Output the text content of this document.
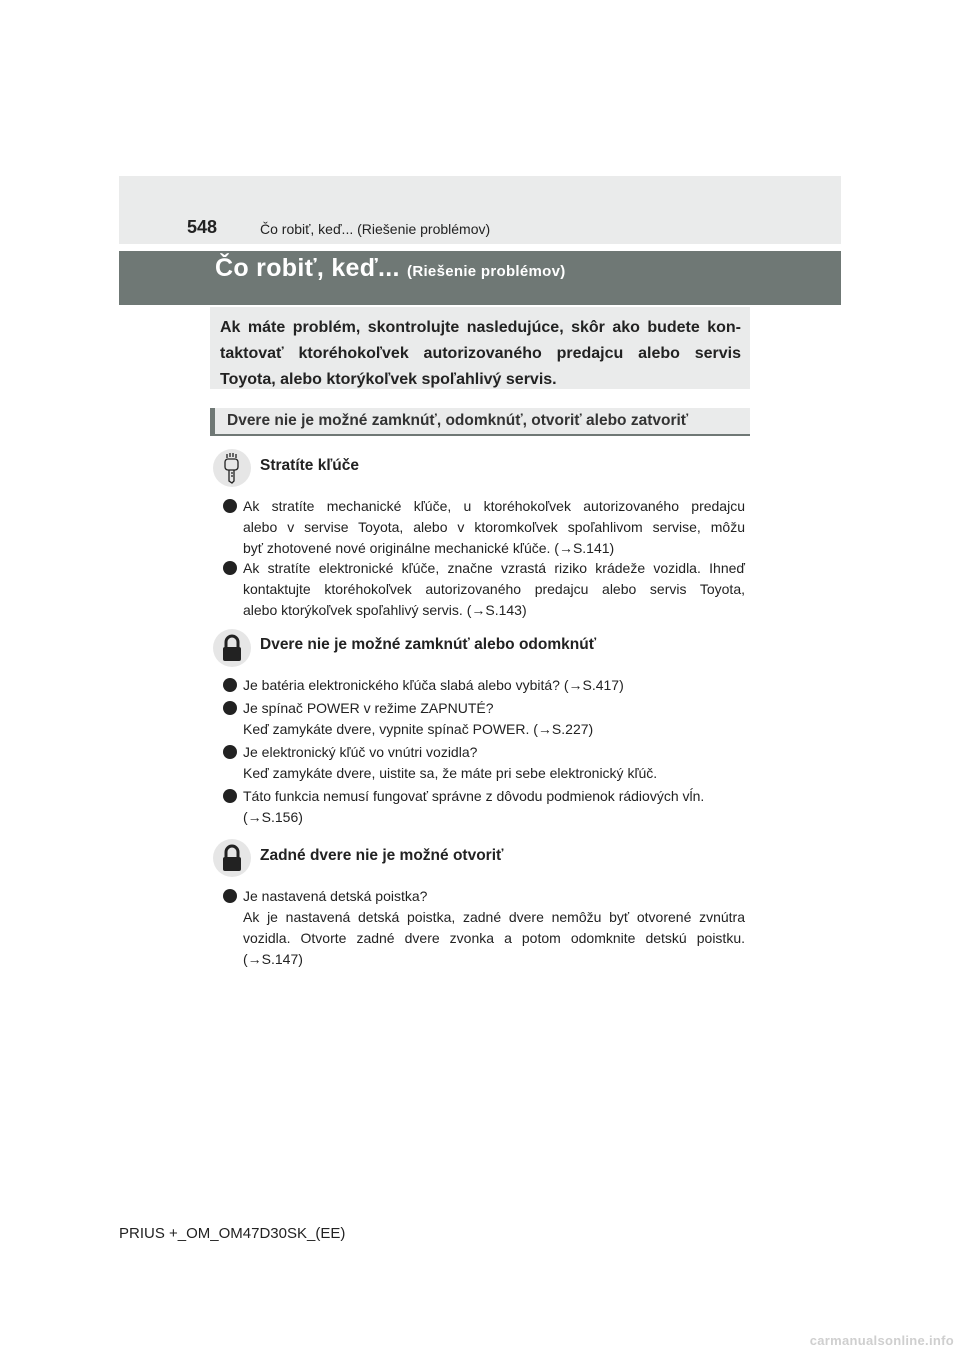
548	Čo robiť, keď... (Riešenie problémov)
Čo robiť, keď... (Riešenie problémov)
Ak máte problém, skontrolujte nasledujúce, skôr ako budete kon-taktovať ktoréhokoľvek autorizovaného predajcu alebo servis Toyota, alebo ktorýkoľvek spoľahlivý servis.
Dvere nie je možné zamknúť, odomknúť, otvoriť alebo zatvoriť
Stratíte kľúče
Ak stratíte mechanické kľúče, u ktoréhokoľvek autorizovaného predajcu
alebo v servise Toyota, alebo v ktoromkoľvek spoľahlivom servise, môžu
byť zhotovené nové originálne mechanické kľúče. (→S.141)
Ak stratíte elektronické kľúče, značne vzrastá riziko krádeže vozidla. Ihneď
kontaktujte ktoréhokoľvek autorizovaného predajcu alebo servis Toyota,
alebo ktorýkoľvek spoľahlivý servis. (→S.143)
Dvere nie je možné zamknúť alebo odomknúť
Je batéria elektronického kľúča slabá alebo vybitá? (→S.417)
Je spínač POWER v režime ZAPNUTÉ?
Keď zamykáte dvere, vypnite spínač POWER. (→S.227)
Je elektronický kľúč vo vnútri vozidla?
Keď zamykáte dvere, uistite sa, že máte pri sebe elektronický kľúč.
Táto funkcia nemusí fungovať správne z dôvodu podmienok rádiových vĺn.
(→S.156)
Zadné dvere nie je možné otvoriť
Je nastavená detská poistka?
Ak je nastavená detská poistka, zadné dvere nemôžu byť otvorené zvnútra
vozidla. Otvorte zadné dvere zvonka a potom odomknite detskú poistku.
(→S.147)
PRIUS +_OM_OM47D30SK_(EE)
carmanualsonline.info
